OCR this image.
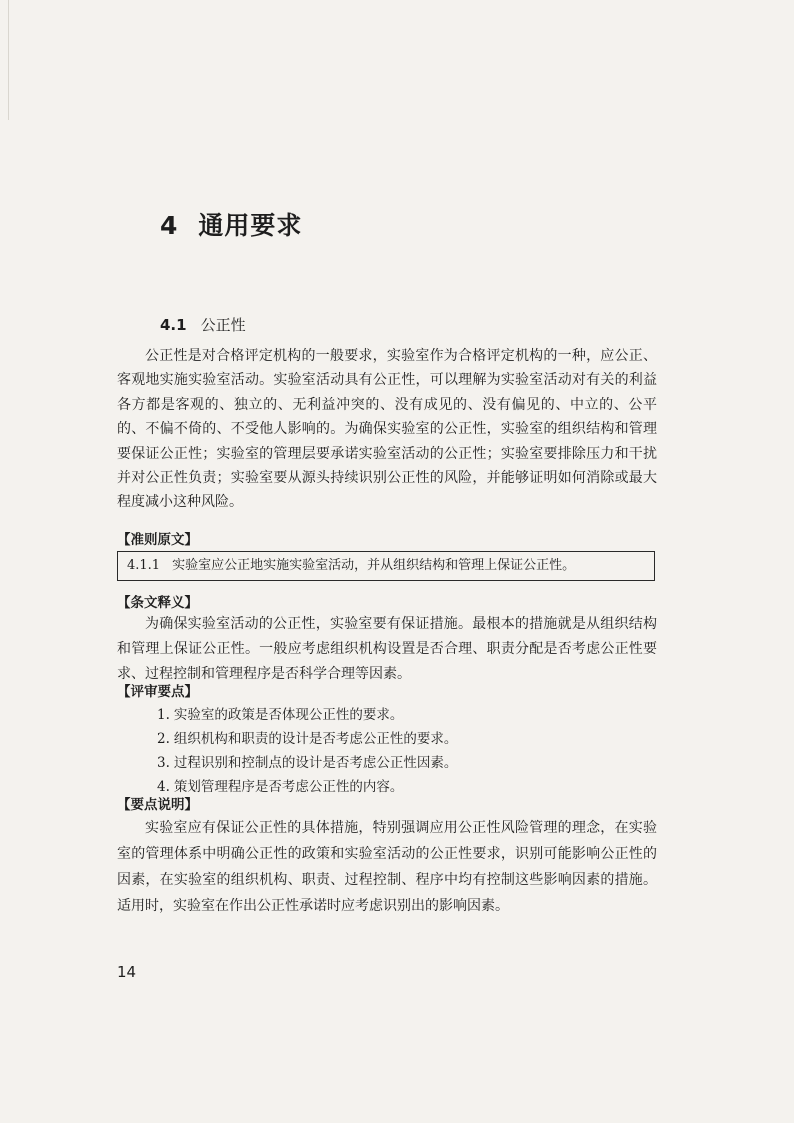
4 通用要求
4.1 公正性

公正性是对合格评定机构的一般要求，实验室作为合格评定机构的一种，应公正、客观地实施实验室活动。实验室活动具有公正性，可以理解为实验室活动对有关的利益各方都是客观的、独立的、无利益冲突的、没有成见的、没有偏见的、中立的、公平的、不偏不倚的、不受他人影响的。为确保实验室的公正性，实验室的组织结构和管理要保证公正性；实验室的管理层要承诺实验室活动的公正性；实验室要排除压力和干扰并对公正性负责；实验室要从源头持续识别公正性的风险，并能够证明如何消除或最大程度减小这种风险。

【准则原文】
4.1.1 实验室应公正地实施实验室活动，并从组织结构和管理上保证公正性。
【条文释义】

为确保实验室活动的公正性，实验室要有保证措施。最根本的措施就是从组织结构和管理上保证公正性。一般应考虑组织机构设置是否合理、职责分配是否考虑公正性要求、过程控制和管理程序是否科学合理等因素。

【评审要点】
1. 实验室的政策是否体现公正性的要求。
2. 组织机构和职责的设计是否考虑公正性的要求。
3. 过程识别和控制点的设计是否考虑公正性因素。
4. 策划管理程序是否考虑公正性的内容。
【要点说明】

实验室应有保证公正性的具体措施，特别强调应用公正性风险管理的理念，在实验室的管理体系中明确公正性的政策和实验室活动的公正性要求，识别可能影响公正性的因素，在实验室的组织机构、职责、过程控制、程序中均有控制这些影响因素的措施。适用时，实验室在作出公正性承诺时应考虑识别出的影响因素。

14
